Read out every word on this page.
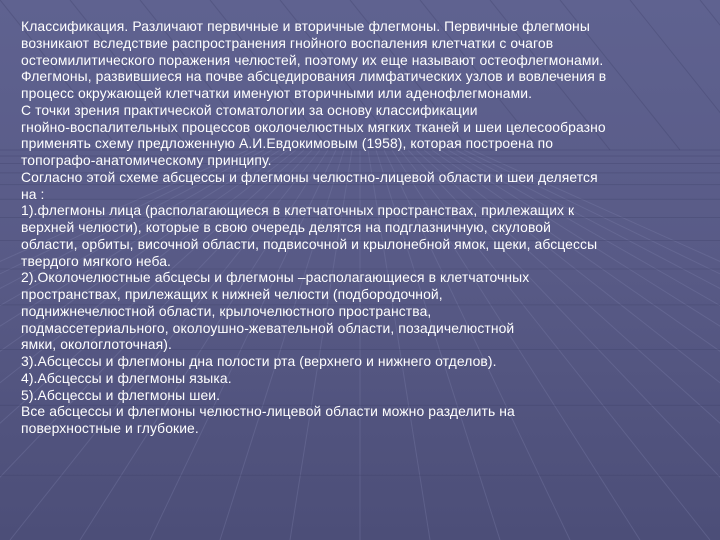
Классификация. Различают первичные и вторичные флегмоны. Первичные флегмоны
возникают вследствие распространения гнойного воспаления клетчатки с очагов
остеомилитического поражения челюстей, поэтому их еще называют остеофлегмонами.
Флегмоны, развившиеся на почве абсцедирования лимфатических узлов и вовлечения в
процесс окружающей клетчатки именуют вторичными или аденофлегмонами.
С точки зрения практической стоматологии за основу классификации
гнойно-воспалительных процессов околочелюстных мягких тканей и шеи целесообразно
применять схему предложенную А.И.Евдокимовым (1958), которая построена по
топографо-анатомическому принципу.
Согласно этой схеме абсцессы и флегмоны челюстно-лицевой области и шеи деляется
на :
1).флегмоны лица (располагающиеся в клетчаточных пространствах, прилежащих к
верхней челюсти), которые в свою очередь делятся на подглазничную, скуловой
области, орбиты, височной области, подвисочной и крылонебной ямок, щеки, абсцессы
твердого мягкого неба.
2).Околочелюстные абсцесы и флегмоны –располагающиеся в клетчаточных
пространствах, прилежащих к нижней челюсти (подбородочной,
поднижнечелюстной области, крылочелюстного пространства,
подмассетериального, околоушно-жевательной области, позадичелюстной
ямки, окологлоточная).
3).Абсцессы и флегмоны дна полости рта (верхнего и нижнего отделов).
4).Абсцессы и флегмоны языка.
5).Абсцессы и флегмоны шеи.
Все абсцессы и флегмоны челюстно-лицевой области можно разделить на
поверхностные и глубокие.
